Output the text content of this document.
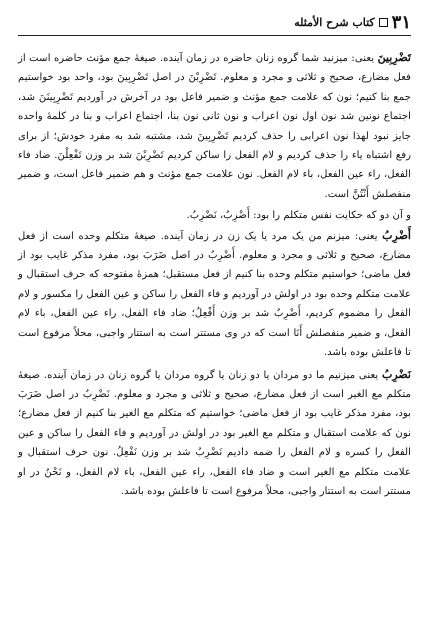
۳۱
کتاب شرح الأمثله

تَضْرِبِينَ یعنی: میزنید شما گروه زنان حاضره در زمان آینده. صیغهٔ جمع مؤنث حاضره است از فعل مضارع، صحیح و ثلاثی و مجرد و معلوم. تَضْرِبْنَ در اصل تَضْرِبِينَ بود، واحد بود خواستیم جمع بنا کنیم؛ نون که علامت جمع مؤنث و ضمیر فاعل بود در آخرش در آوردیم تَضْرِبِينَنَ شد، اجتماع نونین شد نون اول نون اعراب و نون ثانی نون بنا، اجتماع اعراب و بنا در کلمهٔ واحده جایز نبود لهذا نون اعرابی را حذف کردیم تَضْرِبِينَ شد، مشتبه شد به مفرد خودش؛ از برای رفع اشتباه یاء را حذف کردیم و لام الفعل را ساکن کردیم تَضْرِبْنَ شد بر وزن تَفْعِلْنَ. ضاد فاء الفعل، راء عین الفعل، باء لام الفعل. نون علامت جمع مؤنث و هم ضمیر فاعل است، و ضمیر منفصلش أَنْتُنَّ است.

و آن دو که حکایت نفس متکلم را بود: أَضْرِبُ، نَضْرِبُ.

أَضْرِبُ یعنی: میزنم من یک مرد یا یک زن در زمان آینده. صیغهٔ متکلم وحده است از فعل مضارع، صحیح و ثلاثی و مجرد و معلوم. أَضْرِبُ در اصل ضَرَبَ بود، مفرد مذکر غایب بود از فعل ماضی؛ خواستیم متکلم وحده بنا کنیم از فعل مستقبل؛ همزهٔ مفتوحه که حرف استقبال و علامت متکلم وحده بود در اولش در آوردیم و فاء الفعل را ساکن و عین الفعل را مکسور و لام الفعل را مضموم کردیم، أَضْرِبُ شد بر وزن أَفْعِلُ؛ ضاد فاء الفعل، راء عین الفعل، باء لام الفعل، و ضمیر منفصلش أَنَا است که در وی مستتر است به استتار واجبی، محلاً مرفوع است تا فاعلش بوده باشد.

نَضْرِبُ یعنی میزنیم ما دو مردان یا دو زنان یا گروه مردان یا گروه زنان در زمان آینده. صیغهٔ متکلم مع الغیر است از فعل مضارع، صحیح و ثلاثی و مجرد و معلوم. نَضْرِبُ در اصل ضَرَبَ بود، مفرد مذکر غایب بود از فعل ماضی؛ خواستیم که متکلم مع الغیر بنا کنیم از فعل مضارع؛ نون که علامت استقبال و متکلم مع الغیر بود در اولش در آوردیم و فاء الفعل را ساکن و عین الفعل را کسره و لام الفعل را ضمه دادیم نَضْرِبُ شد بر وزن نَفْعِلُ. نون حرف استقبال و علامت متکلم مع الغیر است و ضاد فاء الفعل، راء عین الفعل، باء لام الفعل، و نَحْنُ در او مستتر است به استتار واجبی، محلاً مرفوع است تا فاعلش بوده باشد.
